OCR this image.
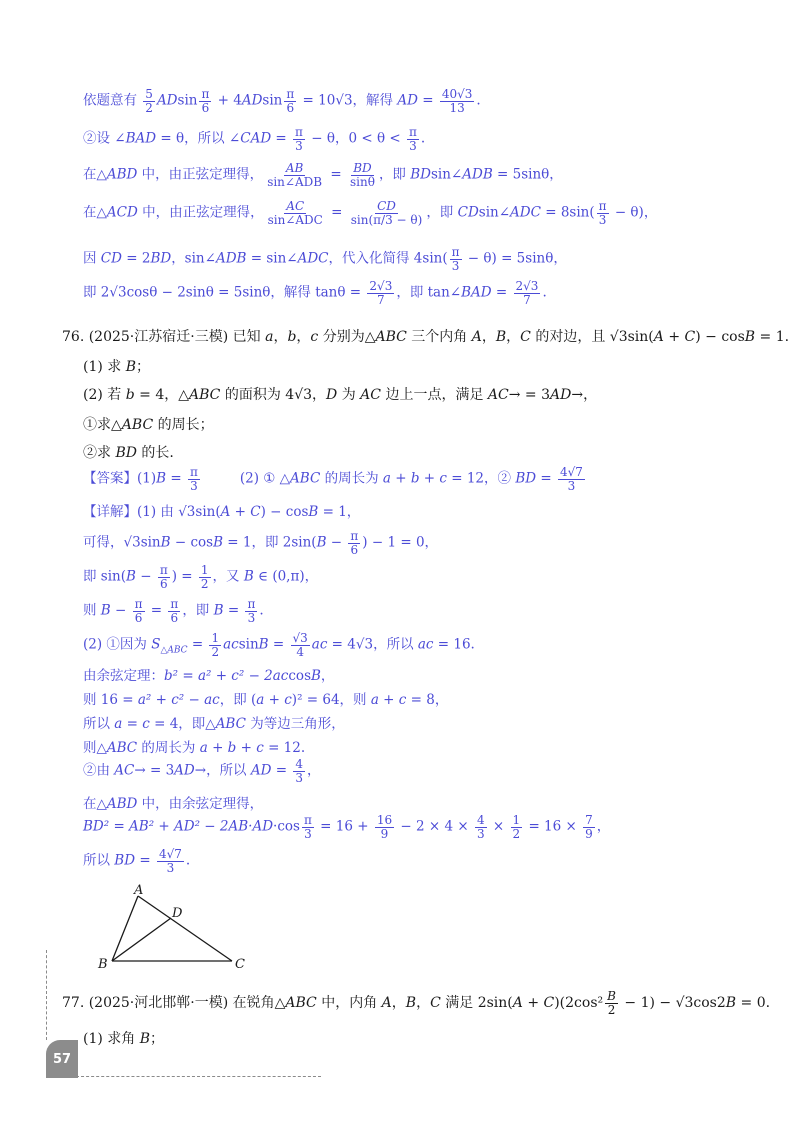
依题意有 $\frac{5}{2}$ ADsin $\frac{\pi}{6} + 4ADsin \frac{\pi}{6} = 10√3$，解得 AD = $\frac{40√3}{13}$ .
②设 ∠BAD = θ，所以 ∠CAD = $\frac{\pi}{3} - \theta$，$0 < \theta < \frac{\pi}{3}$ .
在△ABD 中，由正弦定理得， $\frac{AB}{\text{sin∠ADB}} = \frac{BD}{\sin\theta}$ ，即 BDsin∠ADB = 5sinθ，
在△ACD 中，由正弦定理得， $\frac{AC}{\text{sin∠ADC}} = \frac{CD}{\sin(\pi/3 - \theta)}$ ，即 CDsin∠ADC = $8\sin( \frac{\pi}{3} - \theta)$，
因 CD = 2BD，sin∠ADB = sin∠ADC，代入化简得 $4\sin( \frac{\pi}{3} - \theta) = 5\sin\theta$，
即 2√3cosθ − 2sinθ = 5sinθ，解得 $\tan\theta = \frac{2√3}{7}$ ，即 tan∠BAD = $\frac{2√3}{7}$ .
76. (2025·江苏宿迁·三模) 已知 a，b，c 分别为△ABC 三个内角 A，B，C 的对边，且 √3sin(A + C) − cosB = 1.
(1) 求 B；
(2) 若 b = 4，△ABC 的面积为 4√3，D 为 AC 边上一点，满足 AC→ = 3AD→，
①求△ABC 的周长；
②求 BD 的长.
【答案】$(1)B = \frac{\pi}{3}$	(2) ① △ABC 的周长为 a + b + c = 12，② BD = $\frac{4√7}{3}$
【详解】(1) 由 √3sin(A + C) − cosB = 1，
可得，√3sinB − cosB = 1，即 $2\sin(B - \frac{\pi}{6}$ ) − 1 = 0，
即 $\sin(B - \frac{\pi}{6}$ ) = $\frac{1}{2}$ ，又 B ∈ (0,π)，
则 $B - \frac{\pi}{6} = \frac{\pi}{6}$ ，即 $B = \frac{\pi}{3}$ .
(2) ①因为 $S_{\triangle ABC} = \frac{1}{2}$ $acsinB = \frac{√3}{4}$ ac = 4√3，所以 ac = 16.
由余弦定理：b² = a² + c² − 2accosB，
则 16 = a² + c² − ac，即 (a + c)² = 64，则 a + c = 8，
所以 a = c = 4，即△ABC 为等边三角形，
则△ABC 的周长为 a + b + c = 12.
②由 AC→ = 3AD→，所以 AD = $\frac{4}{3}$ ，
在△ABD 中，由余弦定理得，
$BD^2 = AB^2 + AD^2 - 2AB\cdot AD\cdot\cos \frac{\pi}{3} = 16 + \frac{16}{9} - 2 \times 4 \times \frac{4}{3} \times \frac{1}{2} = 16 \times \frac{7}{9}$ ，
所以 BD = $\frac{4√7}{3}$ .
A
B	C
D
77. (2025·河北邯郸·一模) 在锐角△ABC 中，内角 A，B，C 满足 $2\sin(A + C)(2\cos^2 \frac{B}{2} - 1) - √3\cos 2B = 0$.
(1) 求角 B；
57
